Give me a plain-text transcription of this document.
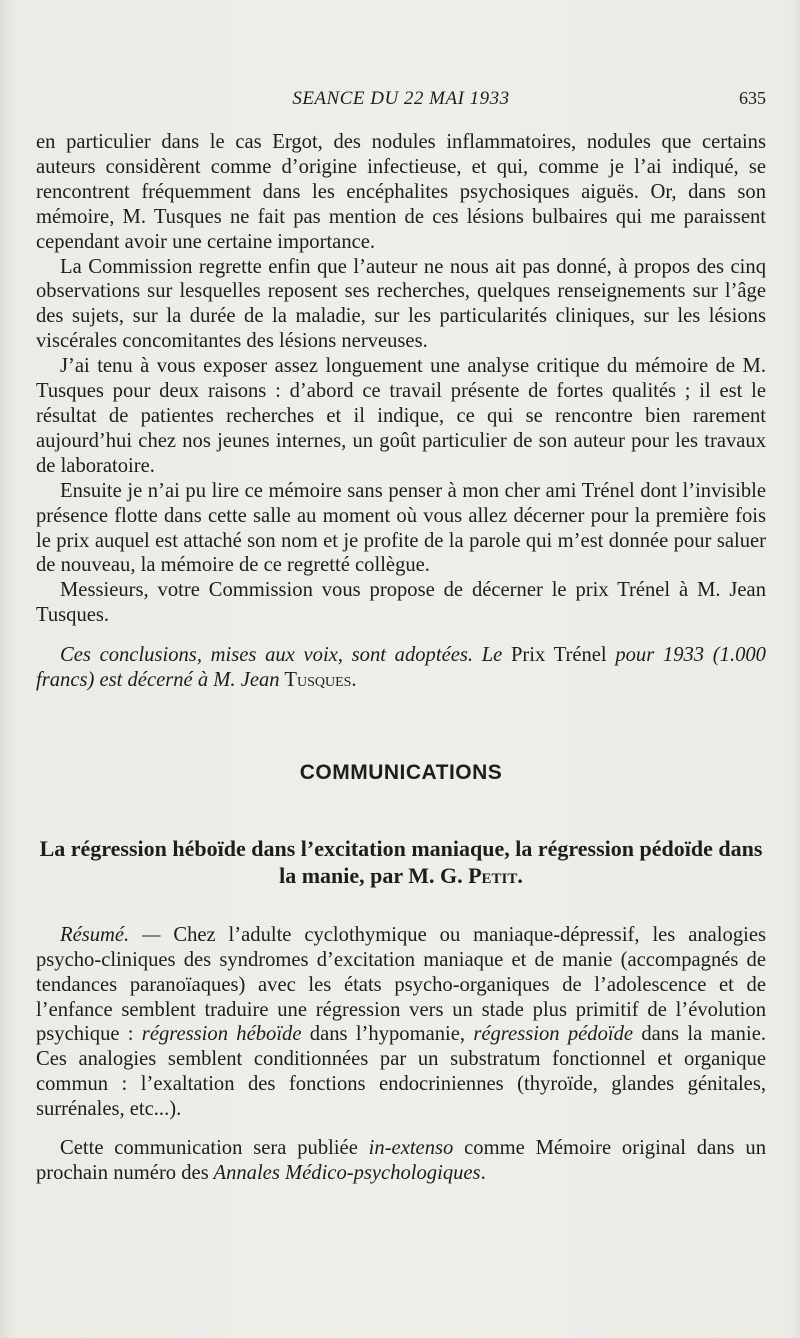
SEANCE DU 22 MAI 1933	635

en particulier dans le cas Ergot, des nodules inflammatoires, nodules que certains auteurs considèrent comme d’origine infectieuse, et qui, comme je l’ai indiqué, se rencontrent fréquemment dans les encéphalites psychosiques aiguës. Or, dans son mémoire, M. Tusques ne fait pas mention de ces lésions bulbaires qui me paraissent cependant avoir une certaine importance.

La Commission regrette enfin que l’auteur ne nous ait pas donné, à propos des cinq observations sur lesquelles reposent ses recherches, quelques renseignements sur l’âge des sujets, sur la durée de la maladie, sur les particularités cliniques, sur les lésions viscérales concomitantes des lésions nerveuses.

J’ai tenu à vous exposer assez longuement une analyse critique du mémoire de M. Tusques pour deux raisons : d’abord ce travail présente de fortes qualités ; il est le résultat de patientes recherches et il indique, ce qui se rencontre bien rarement aujourd’hui chez nos jeunes internes, un goût particulier de son auteur pour les travaux de laboratoire.

Ensuite je n’ai pu lire ce mémoire sans penser à mon cher ami Trénel dont l’invisible présence flotte dans cette salle au moment où vous allez décerner pour la première fois le prix auquel est attaché son nom et je profite de la parole qui m’est donnée pour saluer de nouveau, la mémoire de ce regretté collègue.

Messieurs, votre Commission vous propose de décerner le prix Trénel à M. Jean Tusques.

Ces conclusions, mises aux voix, sont adoptées. Le Prix Trénel pour 1933 (1.000 francs) est décerné à M. Jean Tusques.

COMMUNICATIONS

La régression héboïde dans l’excitation maniaque, la régression pédoïde dans la manie, par M. G. Petit.

Résumé. — Chez l’adulte cyclothymique ou maniaque-dépressif, les analogies psycho-cliniques des syndromes d’excitation maniaque et de manie (accompagnés de tendances paranoïaques) avec les états psycho-organiques de l’adolescence et de l’enfance semblent traduire une régression vers un stade plus primitif de l’évolution psychique : régression héboïde dans l’hypomanie, régression pédoïde dans la manie. Ces analogies semblent conditionnées par un substratum fonctionnel et organique commun : l’exaltation des fonctions endocriniennes (thyroïde, glandes génitales, surrénales, etc...).

Cette communication sera publiée in-extenso comme Mémoire original dans un prochain numéro des Annales Médico-psychologiques.
